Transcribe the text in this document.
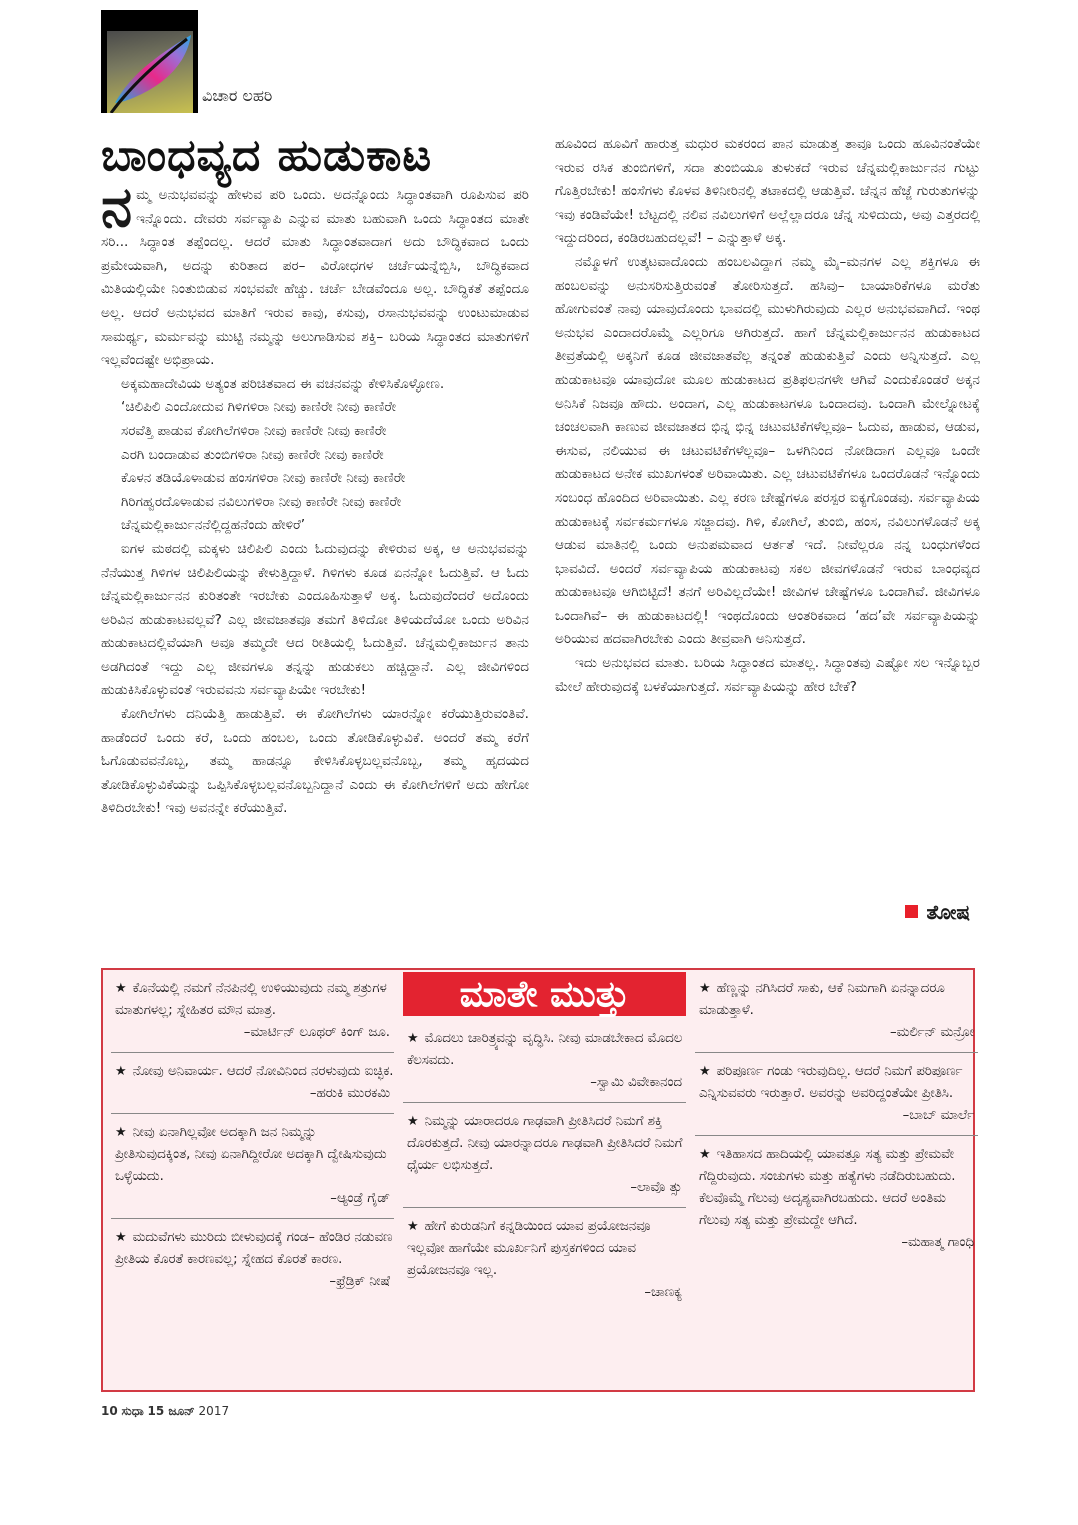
ವಿಚಾರ ಲಹರಿ
ಬಾಂಧವ್ಯದ ಹುಡುಕಾಟ

ನಮ್ಮ ಅನುಭವವನ್ನು ಹೇಳುವ ಪರಿ ಒಂದು. ಅದನ್ನೊಂದು ಸಿದ್ಧಾಂತವಾಗಿ ರೂಪಿಸುವ ಪರಿ ಇನ್ನೊಂದು. ದೇವರು ಸರ್ವವ್ಯಾಪಿ ಎನ್ನುವ ಮಾತು ಬಹುವಾಗಿ ಒಂದು ಸಿದ್ಧಾಂತದ ಮಾತೇ ಸರಿ... ಸಿದ್ಧಾಂತ ತಪ್ಪೆಂದಲ್ಲ. ಆದರೆ ಮಾತು ಸಿದ್ಧಾಂತವಾದಾಗ ಅದು ಬೌದ್ಧಿಕವಾದ ಒಂದು ಪ್ರಮೇಯವಾಗಿ, ಅದನ್ನು ಕುರಿತಾದ ಪರ– ವಿರೋಧಗಳ ಚರ್ಚೆಯನ್ನೆಬ್ಬಿಸಿ, ಬೌದ್ಧಿಕವಾದ ಮಿತಿಯಲ್ಲಿಯೇ ನಿಂತುಬಿಡುವ ಸಂಭವವೇ ಹೆಚ್ಚು. ಚರ್ಚೆ ಬೇಡವೆಂದೂ ಅಲ್ಲ. ಬೌದ್ಧಿಕತೆ ತಪ್ಪೆಂದೂ ಅಲ್ಲ. ಆದರೆ ಅನುಭವದ ಮಾತಿಗೆ ಇರುವ ಕಾವು, ಕಸುವು, ರಸಾನುಭವವನ್ನು ಉಂಟುಮಾಡುವ ಸಾಮರ್ಥ್ಯ, ಮರ್ಮವನ್ನು ಮುಟ್ಟಿ ನಮ್ಮನ್ನು ಅಲುಗಾಡಿಸುವ ಶಕ್ತಿ– ಬರಿಯ ಸಿದ್ಧಾಂತದ ಮಾತುಗಳಿಗೆ ಇಲ್ಲವೆಂದಷ್ಟೇ ಅಭಿಪ್ರಾಯ.

ಅಕ್ಕಮಹಾದೇವಿಯ ಅತ್ಯಂತ ಪರಿಚಿತವಾದ ಈ ವಚನವನ್ನು ಕೇಳಿಸಿಕೊಳ್ಳೋಣ.

‘ಚಿಲಿಪಿಲಿ ಎಂದೋದುವ ಗಿಳಿಗಳಿರಾ ನೀವು ಕಾಣಿರೇ ನೀವು ಕಾಣಿರೇ

ಸರವೆತ್ತಿ ಪಾಡುವ ಕೋಗಿಲೆಗಳಿರಾ ನೀವು ಕಾಣಿರೇ ನೀವು ಕಾಣಿರೇ

ಎರಗಿ ಬಂದಾಡುವ ತುಂಬಿಗಳಿರಾ ನೀವು ಕಾಣಿರೇ ನೀವು ಕಾಣಿರೇ

ಕೊಳನ ತಡಿಯೊಳಾಡುವ ಹಂಸಗಳಿರಾ ನೀವು ಕಾಣಿರೇ ನೀವು ಕಾಣಿರೇ

ಗಿರಿಗಹ್ವರದೊಳಾಡುವ ನವಿಲುಗಳಿರಾ ನೀವು ಕಾಣಿರೇ ನೀವು ಕಾಣಿರೇ

ಚೆನ್ನಮಲ್ಲಿಕಾರ್ಜುನನೆಲ್ಲಿದ್ದಹನೆಂದು ಹೇಳಿರೆ’

ಐಗಳ ಮಠದಲ್ಲಿ ಮಕ್ಕಳು ಚಿಲಿಪಿಲಿ ಎಂದು ಓದುವುದನ್ನು ಕೇಳಿರುವ ಅಕ್ಕ, ಆ ಅನುಭವವನ್ನು ನೆನೆಯುತ್ತ ಗಿಳಿಗಳ ಚಿಲಿಪಿಲಿಯನ್ನು ಕೇಳುತ್ತಿದ್ದಾಳೆ. ಗಿಳಿಗಳು ಕೂಡ ಏನನ್ನೋ ಓದುತ್ತಿವೆ. ಆ ಓದು ಚೆನ್ನಮಲ್ಲಿಕಾರ್ಜುನನ ಕುರಿತಂತೇ ಇರಬೇಕು ಎಂದೂಹಿಸುತ್ತಾಳೆ ಅಕ್ಕ. ಓದುವುದೆಂದರೆ ಅದೊಂದು ಅರಿವಿನ ಹುಡುಕಾಟವಲ್ಲವೆ? ಎಲ್ಲ ಜೀವಜಾತವೂ ತಮಗೆ ತಿಳಿದೋ ತಿಳಿಯದೆಯೋ ಒಂದು ಅರಿವಿನ ಹುಡುಕಾಟದಲ್ಲಿವೆಯಾಗಿ ಅವೂ ತಮ್ಮದೇ ಆದ ರೀತಿಯಲ್ಲಿ ಓದುತ್ತಿವೆ. ಚೆನ್ನಮಲ್ಲಿಕಾರ್ಜುನ ತಾನು ಅಡಗಿದಂತೆ ಇದ್ದು ಎಲ್ಲ ಜೀವಗಳೂ ತನ್ನನ್ನು ಹುಡುಕಲು ಹಚ್ಚಿದ್ದಾನೆ. ಎಲ್ಲ ಜೀವಿಗಳಿಂದ ಹುಡುಕಿಸಿಕೊಳ್ಳುವಂತೆ ಇರುವವನು ಸರ್ವವ್ಯಾಪಿಯೇ ಇರಬೇಕು!

ಕೋಗಿಲೆಗಳು ದನಿಯೆತ್ತಿ ಹಾಡುತ್ತಿವೆ. ಈ ಕೋಗಿಲೆಗಳು ಯಾರನ್ನೋ ಕರೆಯುತ್ತಿರುವಂತಿವೆ. ಹಾಡೆಂದರೆ ಒಂದು ಕರೆ, ಒಂದು ಹಂಬಲ, ಒಂದು ತೋಡಿಕೊಳ್ಳುವಿಕೆ. ಅಂದರೆ ತಮ್ಮ ಕರೆಗೆ ಓಗೊಡುವವನೊಬ್ಬ, ತಮ್ಮ ಹಾಡನ್ನೂ ಕೇಳಿಸಿಕೊಳ್ಳಬಲ್ಲವನೊಬ್ಬ, ತಮ್ಮ ಹೃದಯದ ತೋಡಿಕೊಳ್ಳುವಿಕೆಯನ್ನು ಒಪ್ಪಿಸಿಕೊಳ್ಳಬಲ್ಲವನೊಬ್ಬನಿದ್ದಾನೆ ಎಂದು ಈ ಕೋಗಿಲೆಗಳಿಗೆ ಅದು ಹೇಗೋ ತಿಳಿದಿರಬೇಕು! ಇವು ಅವನನ್ನೇ ಕರೆಯುತ್ತಿವೆ.

ಹೂವಿಂದ ಹೂವಿಗೆ ಹಾರುತ್ತ ಮಧುರ ಮಕರಂದ ಪಾನ ಮಾಡುತ್ತ ತಾವೂ ಒಂದು ಹೂವಿನಂತೆಯೇ ಇರುವ ರಸಿಕ ತುಂಬಿಗಳಿಗೆ, ಸದಾ ತುಂಬಿಯೂ ತುಳುಕದೆ ಇರುವ ಚೆನ್ನಮಲ್ಲಿಕಾರ್ಜುನನ ಗುಟ್ಟು ಗೊತ್ತಿರಬೇಕು! ಹಂಸೆಗಳು ಕೊಳವ ತಿಳಿನೀರಿನಲ್ಲಿ ತಟಾಕದಲ್ಲಿ ಆಡುತ್ತಿವೆ. ಚೆನ್ನನ ಹೆಜ್ಜೆ ಗುರುತುಗಳನ್ನು ಇವು ಕಂಡಿವೆಯೇ! ಬೆಟ್ಟದಲ್ಲಿ ನಲಿವ ನವಿಲುಗಳಿಗೆ ಅಲ್ಲೆಲ್ಲಾದರೂ ಚೆನ್ನ ಸುಳಿದುದು, ಅವು ಎತ್ತರದಲ್ಲಿ ಇದ್ದುದರಿಂದ, ಕಂಡಿರಬಹುದಲ್ಲವೆ! – ಎನ್ನುತ್ತಾಳೆ ಅಕ್ಕ.

ನಮ್ಮೊಳಗೆ ಉತ್ಕಟವಾದೊಂದು ಹಂಬಲವಿದ್ದಾಗ ನಮ್ಮ ಮೈ–ಮನಗಳ ಎಲ್ಲ ಶಕ್ತಿಗಳೂ ಈ ಹಂಬಲವನ್ನು ಅನುಸರಿಸುತ್ತಿರುವಂತೆ ತೋರಿಸುತ್ತದೆ. ಹಸಿವು– ಬಾಯಾರಿಕೆಗಳೂ ಮರೆತು ಹೋಗುವಂತೆ ನಾವು ಯಾವುದೊಂದು ಭಾವದಲ್ಲಿ ಮುಳುಗಿರುವುದು ಎಲ್ಲರ ಅನುಭವವಾಗಿದೆ. ಇಂಥ ಅನುಭವ ಎಂದಾದರೊಮ್ಮೆ ಎಲ್ಲರಿಗೂ ಆಗಿರುತ್ತದೆ. ಹಾಗೆ ಚೆನ್ನಮಲ್ಲಿಕಾರ್ಜುನನ ಹುಡುಕಾಟದ ತೀವ್ರತೆಯಲ್ಲಿ ಅಕ್ಕನಿಗೆ ಕೂಡ ಜೀವಜಾತವೆಲ್ಲ ತನ್ನಂತೆ ಹುಡುಕುತ್ತಿವೆ ಎಂದು ಅನ್ನಿಸುತ್ತದೆ. ಎಲ್ಲ ಹುಡುಕಾಟವೂ ಯಾವುದೋ ಮೂಲ ಹುಡುಕಾಟದ ಪ್ರತಿಫಲನಗಳೇ ಆಗಿವೆ ಎಂದುಕೊಂಡರೆ ಅಕ್ಕನ ಅನಿಸಿಕೆ ನಿಜವೂ ಹೌದು. ಅಂದಾಗ, ಎಲ್ಲ ಹುಡುಕಾಟಗಳೂ ಒಂದಾದವು. ಒಂದಾಗಿ ಮೇಲ್ನೋಟಕ್ಕೆ ಚಂಚಲವಾಗಿ ಕಾಣುವ ಜೀವಜಾತದ ಭಿನ್ನ ಭಿನ್ನ ಚಟುವಟಿಕೆಗಳೆಲ್ಲವೂ– ಓದುವ, ಹಾಡುವ, ಆಡುವ, ಈಸುವ, ನಲಿಯುವ ಈ ಚಟುವಟಿಕೆಗಳೆಲ್ಲವೂ– ಒಳಗಿನಿಂದ ನೋಡಿದಾಗ ಎಲ್ಲವೂ ಒಂದೇ ಹುಡುಕಾಟದ ಅನೇಕ ಮುಖಗಳಂತೆ ಅರಿವಾಯಿತು. ಎಲ್ಲ ಚಟುವಟಿಕೆಗಳೂ ಒಂದರೊಡನೆ ಇನ್ನೊಂದು ಸಂಬಂಧ ಹೊಂದಿದ ಅರಿವಾಯಿತು. ಎಲ್ಲ ಕರಣ ಚೇಷ್ಟೆಗಳೂ ಪರಸ್ಪರ ಐಕ್ಯಗೊಂಡವು. ಸರ್ವವ್ಯಾಪಿಯ ಹುಡುಕಾಟಕ್ಕೆ ಸರ್ವಕರ್ಮಗಳೂ ಸಜ್ಜಾದವು. ಗಿಳಿ, ಕೋಗಿಲೆ, ತುಂಬಿ, ಹಂಸ, ನವಿಲುಗಳೊಡನೆ ಅಕ್ಕ ಆಡುವ ಮಾತಿನಲ್ಲಿ ಒಂದು ಅನುಪಮವಾದ ಆರ್ತತೆ ಇದೆ. ನೀವೆಲ್ಲರೂ ನನ್ನ ಬಂಧುಗಳೆಂದ ಭಾವವಿದೆ. ಅಂದರೆ ಸರ್ವವ್ಯಾಪಿಯ ಹುಡುಕಾಟವು ಸಕಲ ಜೀವಗಳೊಡನೆ ಇರುವ ಬಾಂಧವ್ಯದ ಹುಡುಕಾಟವೂ ಆಗಿಬಿಟ್ಟಿದೆ! ತನಗೆ ಅರಿವಿಲ್ಲದೆಯೇ! ಜೀವಿಗಳ ಚೇಷ್ಟೆಗಳೂ ಒಂದಾಗಿವೆ. ಜೀವಿಗಳೂ ಒಂದಾಗಿವೆ– ಈ ಹುಡುಕಾಟದಲ್ಲಿ! ಇಂಥದೊಂದು ಆಂತರಿಕವಾದ ‘ಹದ’ವೇ ಸರ್ವವ್ಯಾಪಿಯನ್ನು ಅರಿಯುವ ಹದವಾಗಿರಬೇಕು ಎಂದು ತೀವ್ರವಾಗಿ ಅನಿಸುತ್ತದೆ.

ಇದು ಅನುಭವದ ಮಾತು. ಬರಿಯ ಸಿದ್ಧಾಂತದ ಮಾತಲ್ಲ. ಸಿದ್ಧಾಂತವು ಎಷ್ಟೋ ಸಲ ಇನ್ನೊಬ್ಬರ ಮೇಲೆ ಹೇರುವುದಕ್ಕೆ ಬಳಕೆಯಾಗುತ್ತದೆ. ಸರ್ವವ್ಯಾಪಿಯನ್ನು ಹೇರ ಬೇಕೆ?

ತೋಷ
★ ಕೊನೆಯಲ್ಲಿ ನಮಗೆ ನೆನಪಿನಲ್ಲಿ ಉಳಿಯುವುದು ನಮ್ಮ ಶತ್ರುಗಳ ಮಾತುಗಳಲ್ಲ; ಸ್ನೇಹಿತರ ಮೌನ ಮಾತ್ರ.
–ಮಾರ್ಟಿನ್ ಲೂಥರ್ ಕಿಂಗ್ ಜೂ.
★ ನೋವು ಅನಿವಾರ್ಯ. ಆದರೆ ನೋವಿನಿಂದ ನರಳುವುದು ಐಚ್ಛಿಕ.
–ಹರುಕಿ ಮುರಕಮಿ
★ ನೀವು ಏನಾಗಿಲ್ಲವೋ ಅದಕ್ಕಾಗಿ ಜನ ನಿಮ್ಮನ್ನು ಪ್ರೀತಿಸುವುದಕ್ಕಿಂತ, ನೀವು ಏನಾಗಿದ್ದೀರೋ ಅದಕ್ಕಾಗಿ ದ್ವೇಷಿಸುವುದು ಒಳ್ಳೆಯದು.
–ಆ್ಯಂಡ್ರೆ ಗೈಡ್
★ ಮದುವೆಗಳು ಮುರಿದು ಬೀಳುವುದಕ್ಕೆ ಗಂಡ– ಹೆಂಡಿರ ನಡುವಣ ಪ್ರೀತಿಯ ಕೊರತೆ ಕಾರಣವಲ್ಲ; ಸ್ನೇಹದ ಕೊರತೆ ಕಾರಣ.
–ಫ್ರೆಡ್ರಿಕ್ ನೀಷೆ
ಮಾತೇ ಮುತ್ತು
★ ಮೊದಲು ಚಾರಿತ್ರ್ಯವನ್ನು ವೃದ್ಧಿಸಿ. ನೀವು ಮಾಡಬೇಕಾದ ಮೊದಲ ಕೆಲಸವದು.
–ಸ್ವಾಮಿ ವಿವೇಕಾನಂದ
★ ನಿಮ್ಮನ್ನು ಯಾರಾದರೂ ಗಾಢವಾಗಿ ಪ್ರೀತಿಸಿದರೆ ನಿಮಗೆ ಶಕ್ತಿ ದೊರಕುತ್ತದೆ. ನೀವು ಯಾರನ್ನಾದರೂ ಗಾಢವಾಗಿ ಪ್ರೀತಿಸಿದರೆ ನಿಮಗೆ ಧೈರ್ಯ ಲಭಿಸುತ್ತದೆ.
–ಲಾವೊ ತ್ಸು
★ ಹೇಗೆ ಕುರುಡನಿಗೆ ಕನ್ನಡಿಯಿಂದ ಯಾವ ಪ್ರಯೋಜನವೂ ಇಲ್ಲವೋ ಹಾಗೆಯೇ ಮೂರ್ಖನಿಗೆ ಪುಸ್ತಕಗಳಿಂದ ಯಾವ ಪ್ರಯೋಜನವೂ ಇಲ್ಲ.
–ಚಾಣಕ್ಯ
★ ಹೆಣ್ಣನ್ನು ನಗಿಸಿದರೆ ಸಾಕು, ಆಕೆ ನಿಮಗಾಗಿ ಏನನ್ನಾದರೂ ಮಾಡುತ್ತಾಳೆ.
–ಮರ್ಲಿನ್ ಮನ್ರೋ
★ ಪರಿಪೂರ್ಣ ಗಂಡು ಇರುವುದಿಲ್ಲ. ಆದರೆ ನಿಮಗೆ ಪರಿಪೂರ್ಣ ಎನ್ನಿಸುವವರು ಇರುತ್ತಾರೆ. ಅವರನ್ನು ಅವರಿದ್ದಂತೆಯೇ ಪ್ರೀತಿಸಿ.
–ಬಾಬ್ ಮಾರ್ಲೆ
★ ಇತಿಹಾಸದ ಹಾದಿಯಲ್ಲಿ ಯಾವತ್ತೂ ಸತ್ಯ ಮತ್ತು ಪ್ರೇಮವೇ ಗೆದ್ದಿರುವುದು. ಸಂಚುಗಳು ಮತ್ತು ಹತ್ಯೆಗಳು ನಡೆದಿರುಬಹುದು. ಕೆಲವೊಮ್ಮೆ ಗೆಲುವು ಅದೃಶ್ಯವಾಗಿರಬಹುದು. ಆದರೆ ಅಂತಿಮ ಗೆಲುವು ಸತ್ಯ ಮತ್ತು ಪ್ರೇಮದ್ದೇ ಆಗಿದೆ.
–ಮಹಾತ್ಮ ಗಾಂಧಿ
10 ಸುಧಾ 15 ಜೂನ್ 2017
